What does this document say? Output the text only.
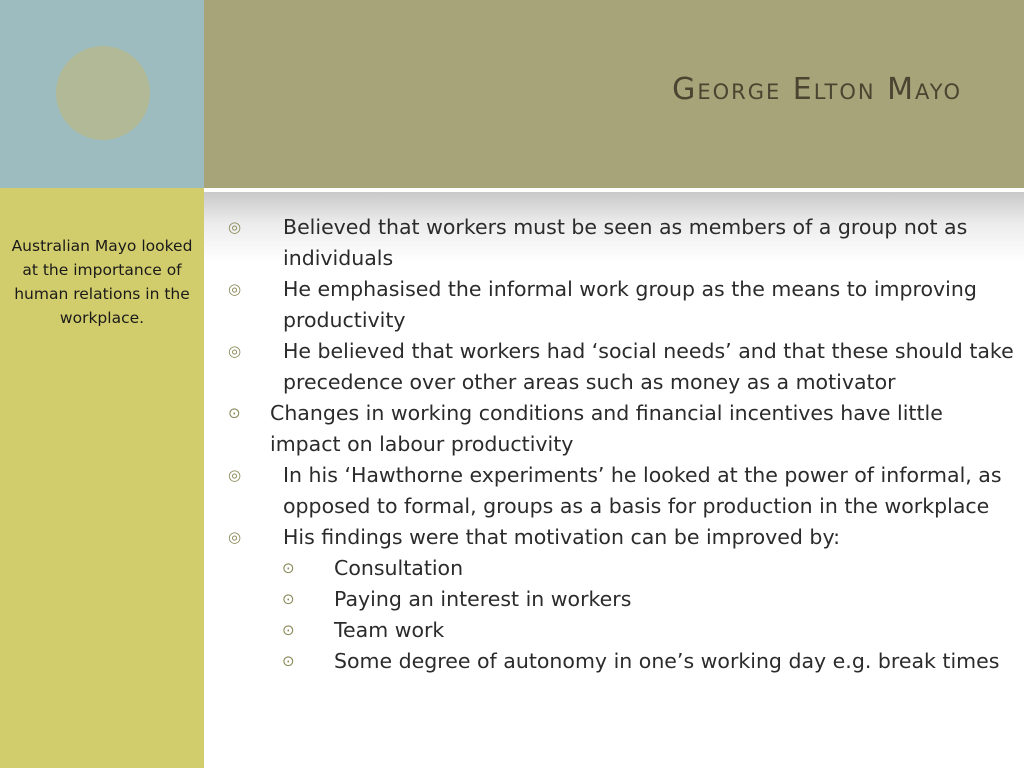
George Elton Mayo
Australian Mayo looked at the importance of human relations in the workplace.
◎	Believed that workers must be seen as members of a group not as individuals
◎	He emphasised the informal work group as the means to improving productivity
◎	He believed that workers had ‘social needs’ and that these should take precedence over other areas such as money as a motivator
⊙	Changes in working conditions and financial incentives have little impact on labour productivity
◎	In his ‘Hawthorne experiments’ he looked at the power of informal, as opposed to formal, groups as a basis for production in the workplace
◎	His findings were that motivation can be improved by:
⊙	Consultation
⊙	Paying an interest in workers
⊙	Team work
⊙	Some degree of autonomy in one’s working day e.g. break times
